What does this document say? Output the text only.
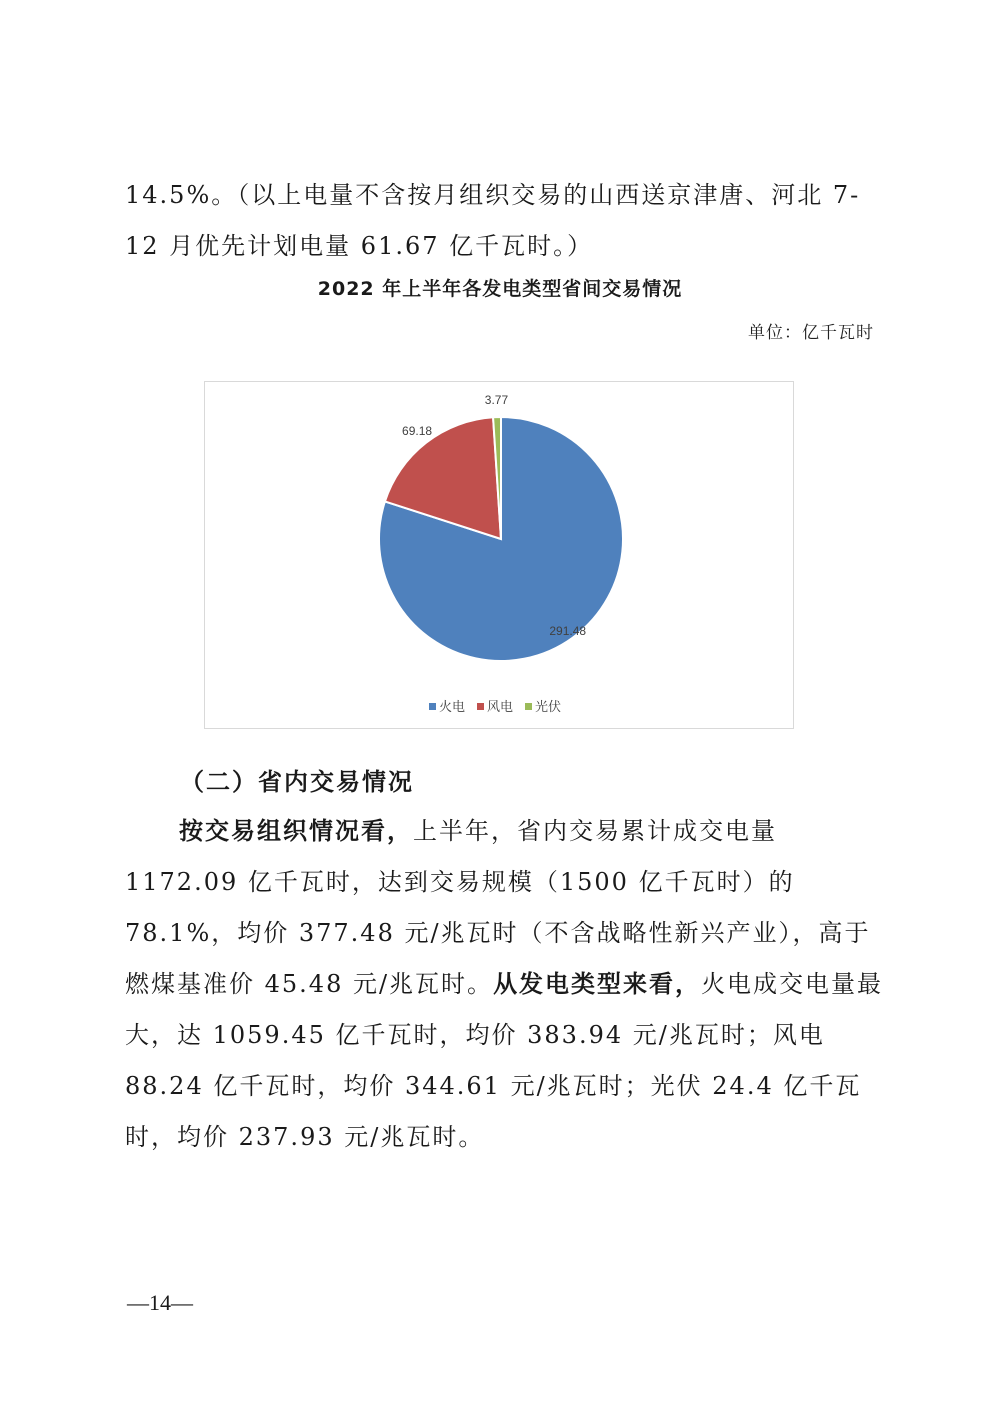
14.5%。（以上电量不含按月组织交易的山西送京津唐、河北 7-12 月优先计划电量 61.67 亿千瓦时。）

2022 年上半年各发电类型省间交易情况
单位：亿千瓦时
291.48
69.18
3.77
火电 风电 光伏
（二）省内交易情况

按交易组织情况看，上半年，省内交易累计成交电量 1172.09 亿千瓦时，达到交易规模（1500 亿千瓦时）的 78.1%，均价 377.48 元/兆瓦时（不含战略性新兴产业），高于燃煤基准价 45.48 元/兆瓦时。从发电类型来看，火电成交电量最大，达 1059.45 亿千瓦时，均价 383.94 元/兆瓦时；风电 88.24 亿千瓦时，均价 344.61 元/兆瓦时；光伏 24.4 亿千瓦时，均价 237.93 元/兆瓦时。

—14—
